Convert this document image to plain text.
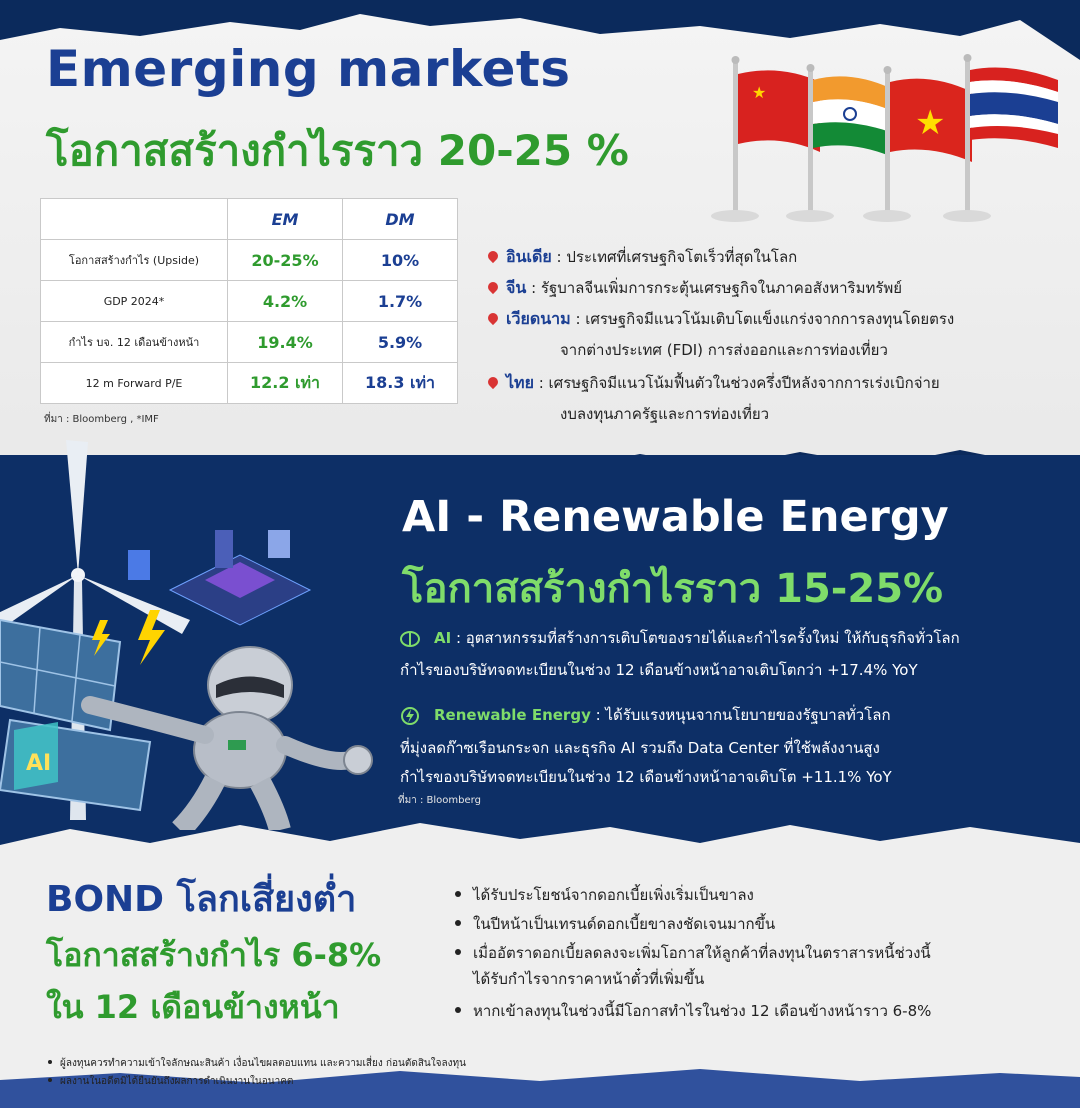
Emerging markets
โอกาสสร้างกำไรราว 20-25 %
★
★
	EM	DM
โอกาสสร้างกำไร (Upside)	20-25%	10%
GDP 2024*	4.2%	1.7%
กำไร บจ. 12 เดือนข้างหน้า	19.4%	5.9%
12 m Forward P/E	12.2 เท่า	18.3 เท่า
ที่มา : Bloomberg , *IMF
อินเดีย : ประเทศที่เศรษฐกิจโตเร็วที่สุดในโลก
จีน : รัฐบาลจีนเพิ่มการกระตุ้นเศรษฐกิจในภาคอสังหาริมทรัพย์
เวียดนาม : เศรษฐกิจมีแนวโน้มเติบโตแข็งแกร่งจากการลงทุนโดยตรง
จากต่างประเทศ (FDI) การส่งออกและการท่องเที่ยว
ไทย : เศรษฐกิจมีแนวโน้มฟื้นตัวในช่วงครึ่งปีหลังจากการเร่งเบิกจ่าย
งบลงทุนภาครัฐและการท่องเที่ยว
AI
AI - Renewable Energy
โอกาสสร้างกำไรราว 15-25%
AI : อุตสาหกรรมที่สร้างการเติบโตของรายได้และกำไรครั้งใหม่ ให้กับธุรกิจทั่วโลก
กำไรของบริษัทจดทะเบียนในช่วง 12 เดือนข้างหน้าอาจเติบโตกว่า +17.4% YoY
Renewable Energy : ได้รับแรงหนุนจากนโยบายของรัฐบาลทั่วโลก
ที่มุ่งลดก๊าซเรือนกระจก และธุรกิจ AI รวมถึง Data Center ที่ใช้พลังงานสูง
กำไรของบริษัทจดทะเบียนในช่วง 12 เดือนข้างหน้าอาจเติบโต +11.1% YoY
ที่มา : Bloomberg
BOND โลกเสี่ยงต่ำ
โอกาสสร้างกำไร 6-8%
ใน 12 เดือนข้างหน้า
ได้รับประโยชน์จากดอกเบี้ยเพิ่งเริ่มเป็นขาลง
ในปีหน้าเป็นเทรนด์ดอกเบี้ยขาลงชัดเจนมากขึ้น
เมื่ออัตราดอกเบี้ยลดลงจะเพิ่มโอกาสให้ลูกค้าที่ลงทุนในตราสารหนี้ช่วงนี้
ได้รับกำไรจากราคาหน้าตั๋วที่เพิ่มขึ้น
หากเข้าลงทุนในช่วงนี้มีโอกาสทำไรในช่วง 12 เดือนข้างหน้าราว 6-8%
ผู้ลงทุนควรทำความเข้าใจลักษณะสินค้า เงื่อนไขผลตอบแทน และความเสี่ยง ก่อนตัดสินใจลงทุน
ผลงานในอดีตมิได้ยืนยันถึงผลการดำเนินงานในอนาคต
